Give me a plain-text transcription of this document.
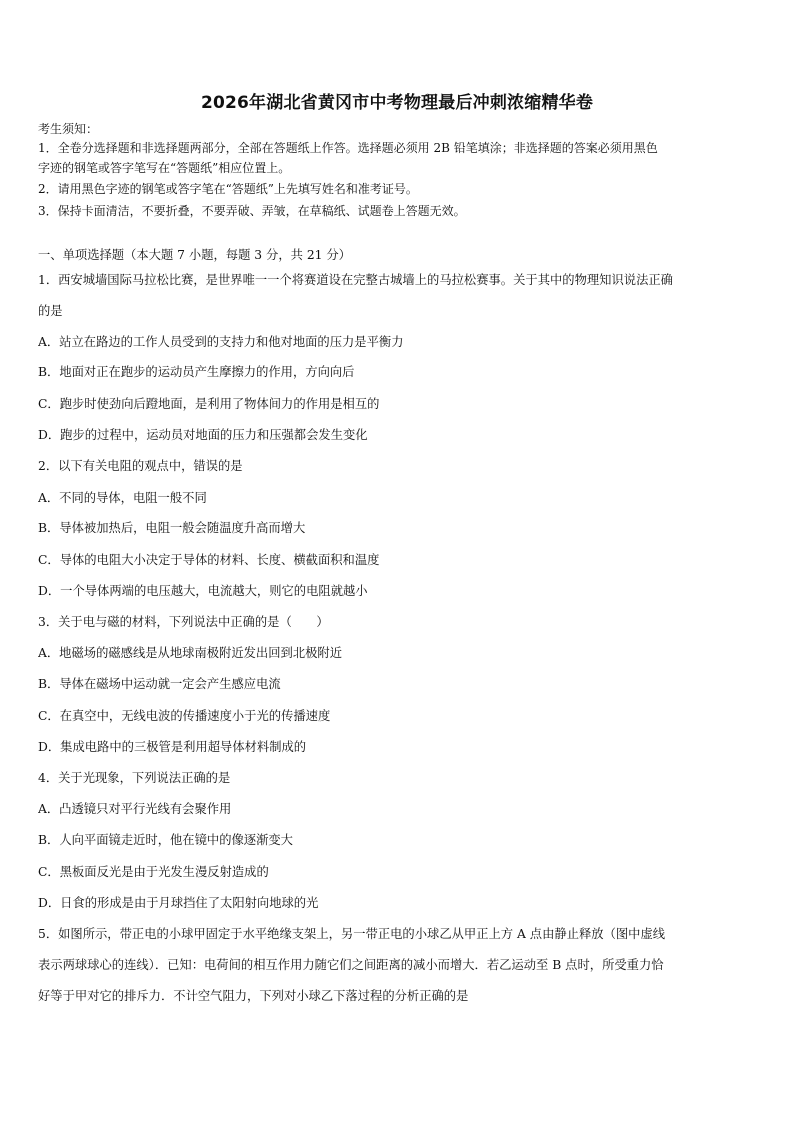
2026年湖北省黄冈市中考物理最后冲刺浓缩精华卷
考生须知：
1．全卷分选择题和非选择题两部分，全部在答题纸上作答。选择题必须用 2B 铅笔填涂；非选择题的答案必须用黑色
字迹的钢笔或答字笔写在“答题纸”相应位置上。
2．请用黑色字迹的钢笔或答字笔在“答题纸”上先填写姓名和准考证号。
3．保持卡面清洁，不要折叠，不要弄破、弄皱，在草稿纸、试题卷上答题无效。
一、单项选择题（本大题 7 小题，每题 3 分，共 21 分）
1．西安城墙国际马拉松比赛，是世界唯一一个将赛道设在完整古城墙上的马拉松赛事。关于其中的物理知识说法正确
的是
A．站立在路边的工作人员受到的支持力和他对地面的压力是平衡力
B．地面对正在跑步的运动员产生摩擦力的作用，方向向后
C．跑步时使劲向后蹬地面，是利用了物体间力的作用是相互的
D．跑步的过程中，运动员对地面的压力和压强都会发生变化
2．以下有关电阻的观点中，错误的是
A．不同的导体，电阻一般不同
B．导体被加热后，电阻一般会随温度升高而增大
C．导体的电阻大小决定于导体的材料、长度、横截面积和温度
D．一个导体两端的电压越大，电流越大，则它的电阻就越小
3．关于电与磁的材料，下列说法中正确的是（　　）
A．地磁场的磁感线是从地球南极附近发出回到北极附近
B．导体在磁场中运动就一定会产生感应电流
C．在真空中，无线电波的传播速度小于光的传播速度
D．集成电路中的三极管是利用超导体材料制成的
4．关于光现象，下列说法正确的是
A．凸透镜只对平行光线有会聚作用
B．人向平面镜走近时，他在镜中的像逐渐变大
C．黑板面反光是由于光发生漫反射造成的
D．日食的形成是由于月球挡住了太阳射向地球的光
5．如图所示，带正电的小球甲固定于水平绝缘支架上，另一带正电的小球乙从甲正上方 A 点由静止释放（图中虚线
表示两球球心的连线）．已知：电荷间的相互作用力随它们之间距离的减小而增大．若乙运动至 B 点时，所受重力恰
好等于甲对它的排斥力．不计空气阻力，下列对小球乙下落过程的分析正确的是
